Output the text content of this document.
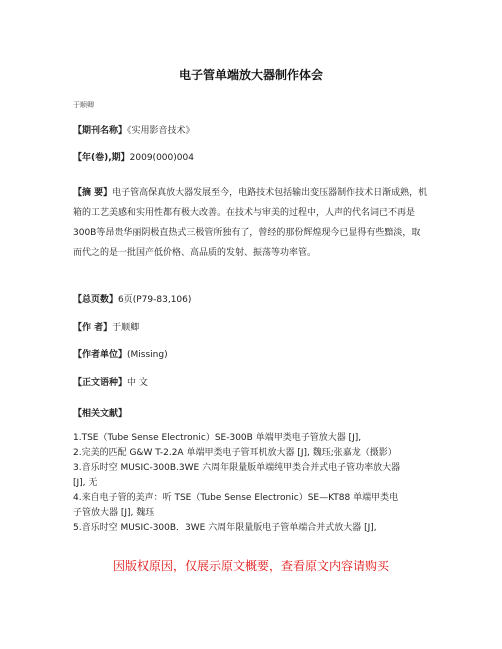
电子管单端放大器制作体会
于顺卿
【期刊名称】《实用影音技术》
【年(卷),期】2009(000)004
【摘 要】电子管高保真放大器发展至今，电路技术包括输出变压器制作技术日渐成熟，机箱的工艺美感和实用性都有极大改善。在技术与审美的过程中，人声的代名词已不再是300B等昂贵华丽阴极直热式三极管所独有了，曾经的那份辉煌现今已显得有些黯淡，取而代之的是一批国产低价格、高品质的发射、振荡等功率管。
【总页数】6页(P79-83,106)
【作 者】于顺卿
【作者单位】(Missing)
【正文语种】中 文
【相关文献】
1.TSE（Tube Sense Electronic）SE-300B 单端甲类电子管放大器 [J],
2.完美的匹配 G&W T-2.2A 单端甲类电子管耳机放大器 [J], 魏珏;张嘉龙（摄影）
3.音乐时空 MUSIC-300B.3WE 六周年限量版单端纯甲类合并式电子管功率放大器
[J], 无
4.来自电子管的美声：听 TSE（Tube Sense Electronic）SE—KT88 单端甲类电
子管放大器 [J], 魏珏
5.音乐时空 MUSIC-300B．3WE 六周年限量版电子管单端合并式放大器 [J],
因版权原因，仅展示原文概要，查看原文内容请购买
